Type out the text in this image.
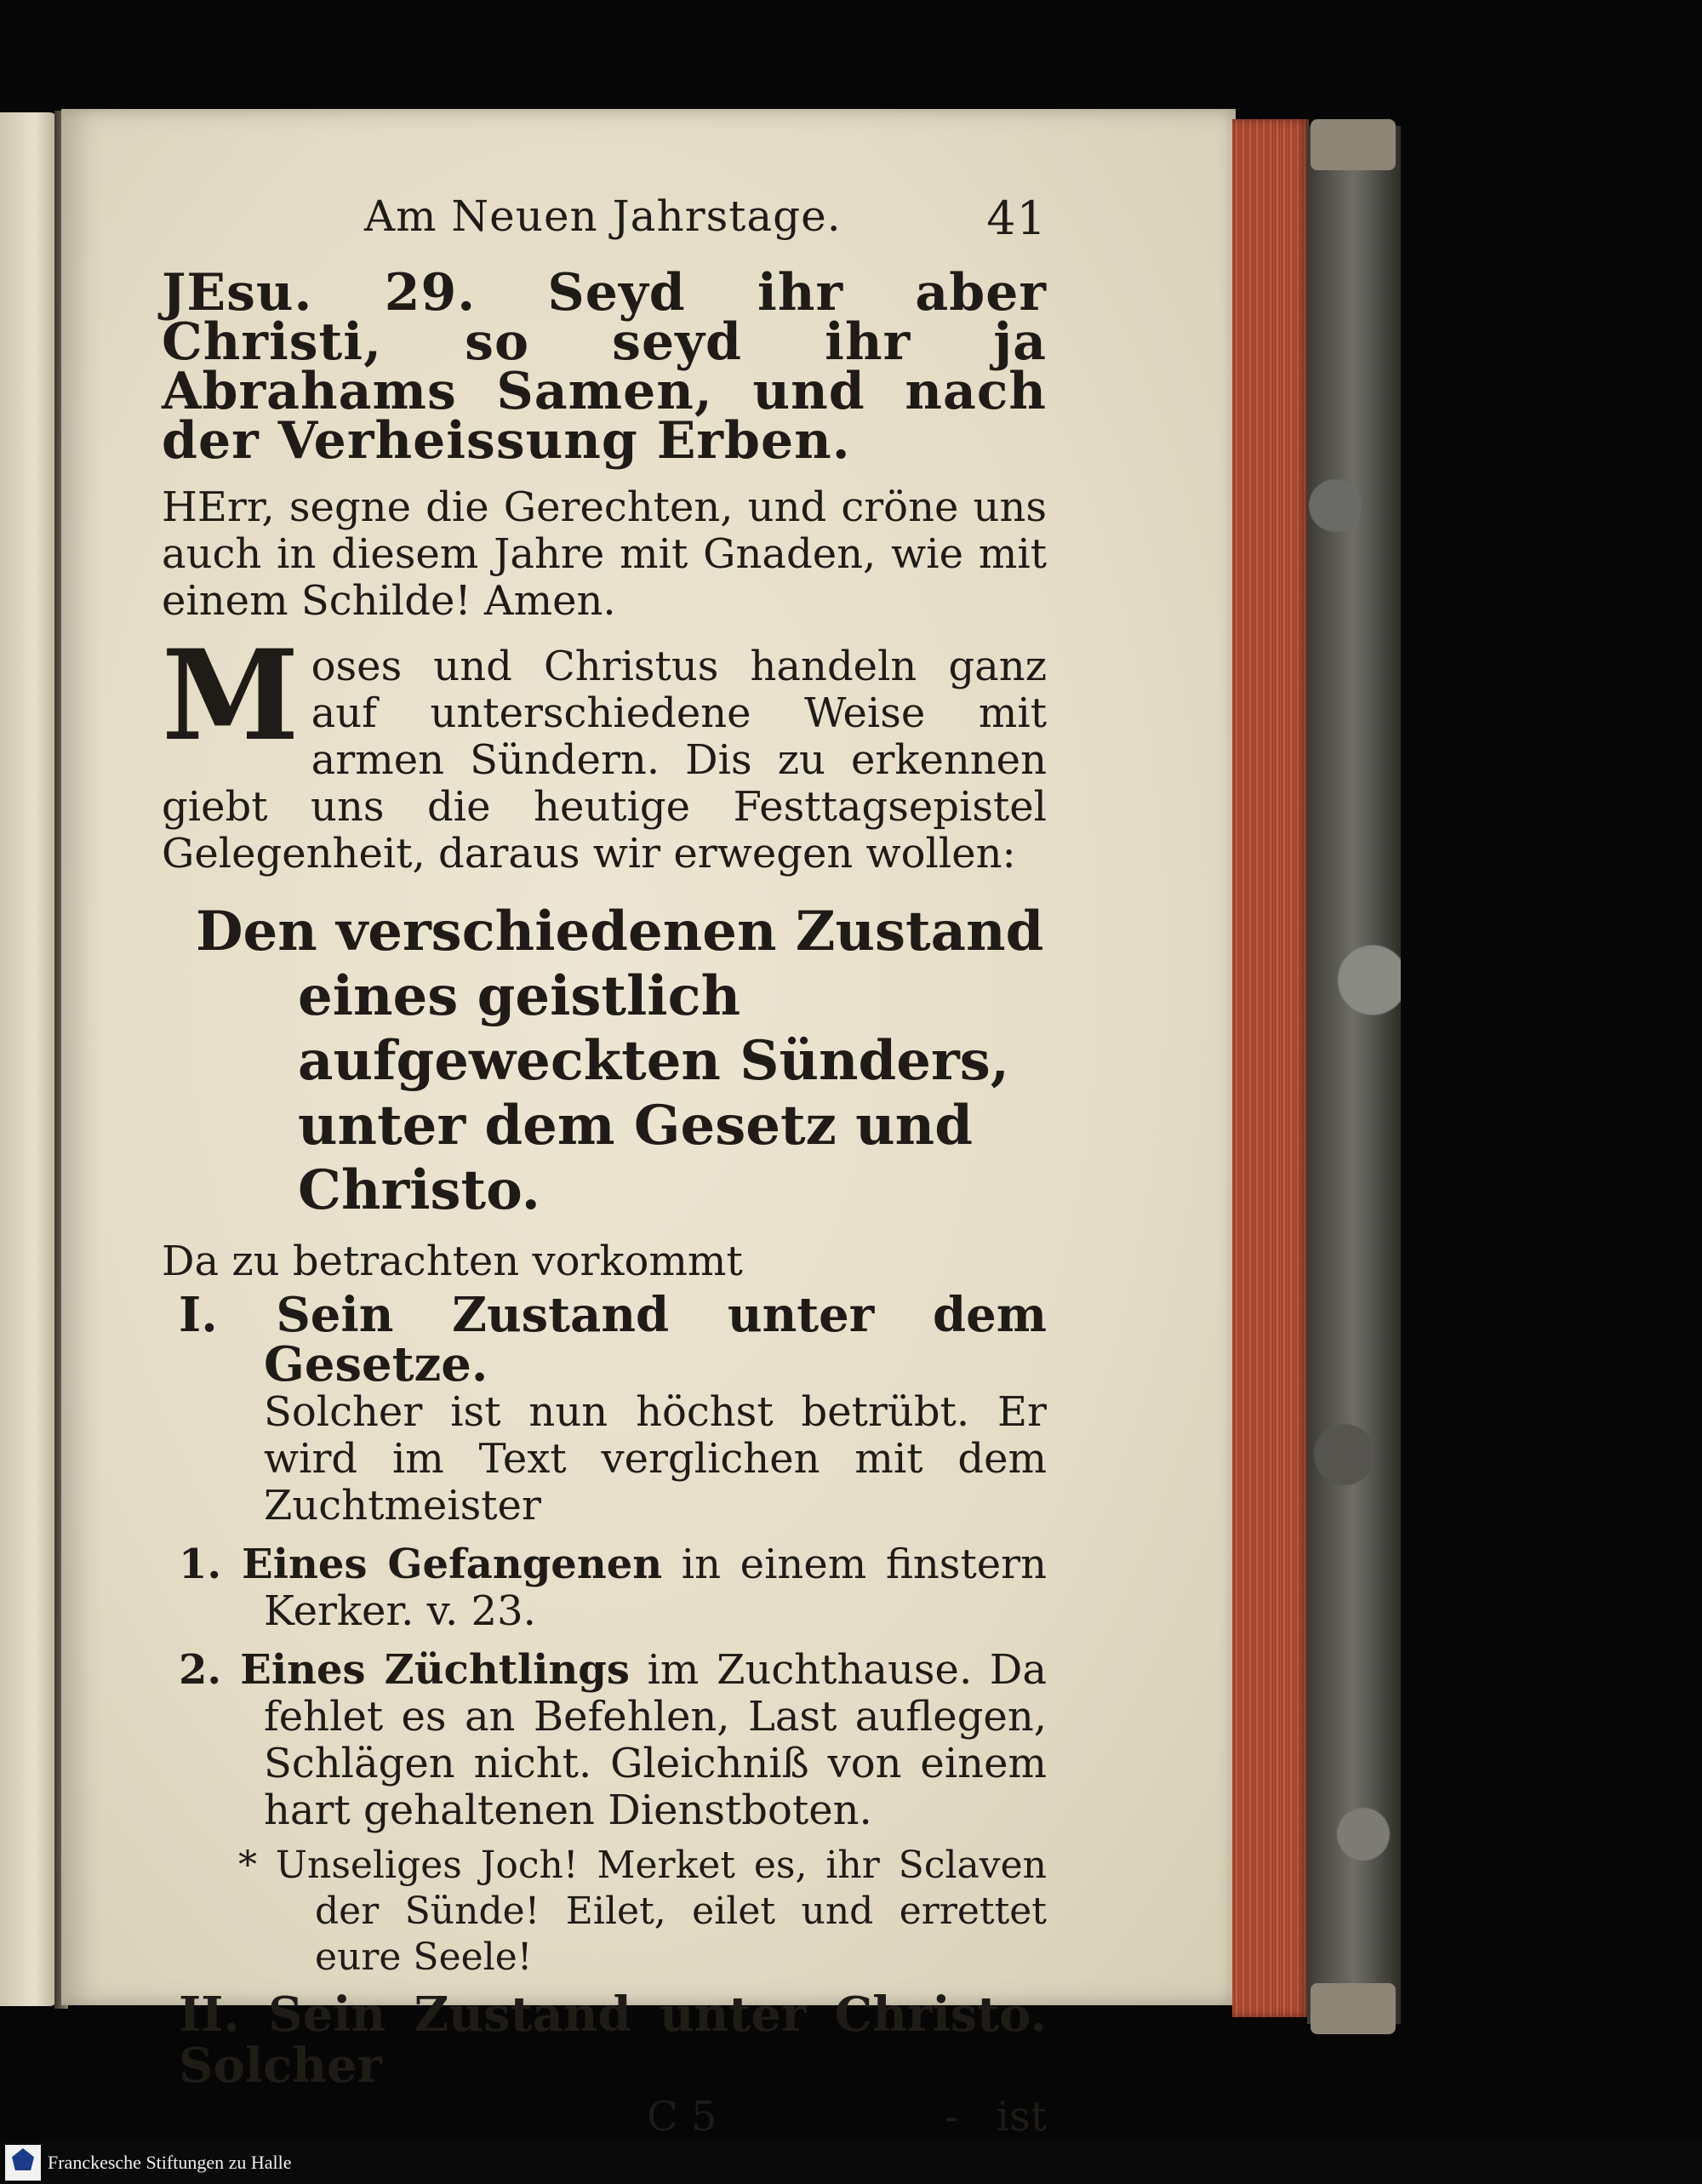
Am Neuen Jahrstage.	41

JEsu. 29. Seyd ihr aber Christi, so seyd ihr ja Abrahams Samen, und nach der Verheissung Erben.

HErr, segne die Gerechten, und cröne uns auch in diesem Jahre mit Gnaden, wie mit einem Schilde! Amen.

Moses und Christus handeln ganz auf unterschiedene Weise mit armen Sündern. Dis zu erkennen giebt uns die heutige Festtagsepistel Gelegenheit, daraus wir erwegen wollen:

Den verschiedenen Zustand eines geistlich aufgeweckten Sünders, unter dem Gesetz und Christo.

Da zu betrachten vorkommt

I. Sein Zustand unter dem Gesetze.

Solcher ist nun höchst betrübt. Er wird im Text verglichen mit dem Zuchtmeister

1. Eines Gefangenen in einem finstern Kerker. v. 23.

2. Eines Züchtlings im Zuchthause. Da fehlet es an Befehlen, Last auflegen, Schlägen nicht. Gleichniß von einem hart gehaltenen Dienstboten.

* Unseliges Joch! Merket es, ihr Sclaven der Sünde! Eilet, eilet und errettet eure Seele!

II. Sein Zustand unter Christo. Solcher

C 5	- ist
Franckesche Stiftungen zu Halle
